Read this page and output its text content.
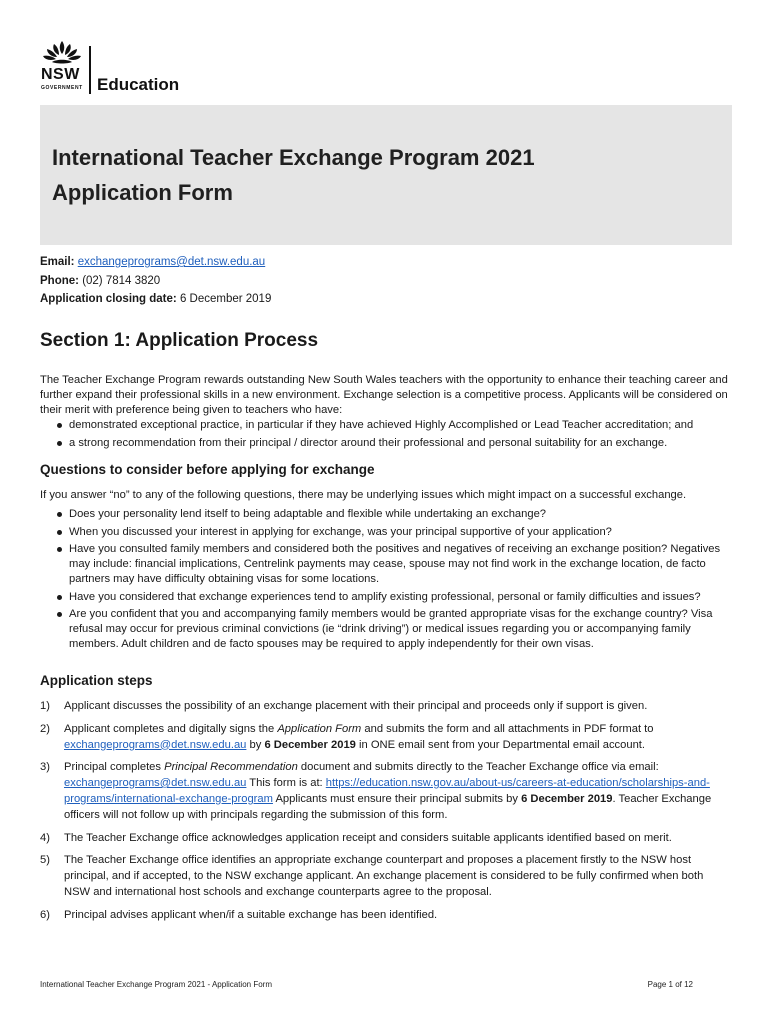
NSW
GOVERNMENT Education
International Teacher Exchange Program 2021
Application Form
Email: exchangeprograms@det.nsw.edu.au
Phone: (02) 7814 3820
Application closing date: 6 December 2019
Section 1: Application Process

The Teacher Exchange Program rewards outstanding New South Wales teachers with the opportunity to enhance their teaching career and further expand their professional skills in a new environment. Exchange selection is a competitive process. Applicants will be considered on their merit with preference being given to teachers who have:

demonstrated exceptional practice, in particular if they have achieved Highly Accomplished or Lead Teacher accreditation; and
a strong recommendation from their principal / director around their professional and personal suitability for an exchange.
Questions to consider before applying for exchange

If you answer “no” to any of the following questions, there may be underlying issues which might impact on a successful exchange.

Does your personality lend itself to being adaptable and flexible while undertaking an exchange?
When you discussed your interest in applying for exchange, was your principal supportive of your application?
Have you consulted family members and considered both the positives and negatives of receiving an exchange position? Negatives may include: financial implications, Centrelink payments may cease, spouse may not find work in the exchange location, de facto partners may have difficulty obtaining visas for some locations.
Have you considered that exchange experiences tend to amplify existing professional, personal or family difficulties and issues?
Are you confident that you and accompanying family members would be granted appropriate visas for the exchange country? Visa refusal may occur for previous criminal convictions (ie “drink driving”) or medical issues regarding you or accompanying family members. Adult children and de facto spouses may be required to apply independently for their own visas.
Application steps
1) Applicant discusses the possibility of an exchange placement with their principal and proceeds only if support is given.
2) Applicant completes and digitally signs the Application Form and submits the form and all attachments in PDF format to exchangeprograms@det.nsw.edu.au by 6 December 2019 in ONE email sent from your Departmental email account.
3) Principal completes Principal Recommendation document and submits directly to the Teacher Exchange office via email: exchangeprograms@det.nsw.edu.au This form is at: https://education.nsw.gov.au/about-us/careers-at-education/scholarships-and-programs/international-exchange-program Applicants must ensure their principal submits by 6 December 2019. Teacher Exchange officers will not follow up with principals regarding the submission of this form.
4) The Teacher Exchange office acknowledges application receipt and considers suitable applicants identified based on merit.
5) The Teacher Exchange office identifies an appropriate exchange counterpart and proposes a placement firstly to the NSW host principal, and if accepted, to the NSW exchange applicant. An exchange placement is considered to be fully confirmed when both NSW and international host schools and exchange counterparts agree to the proposal.
6) Principal advises applicant when/if a suitable exchange has been identified.
International Teacher Exchange Program 2021 - Application Form	Page 1 of 12
